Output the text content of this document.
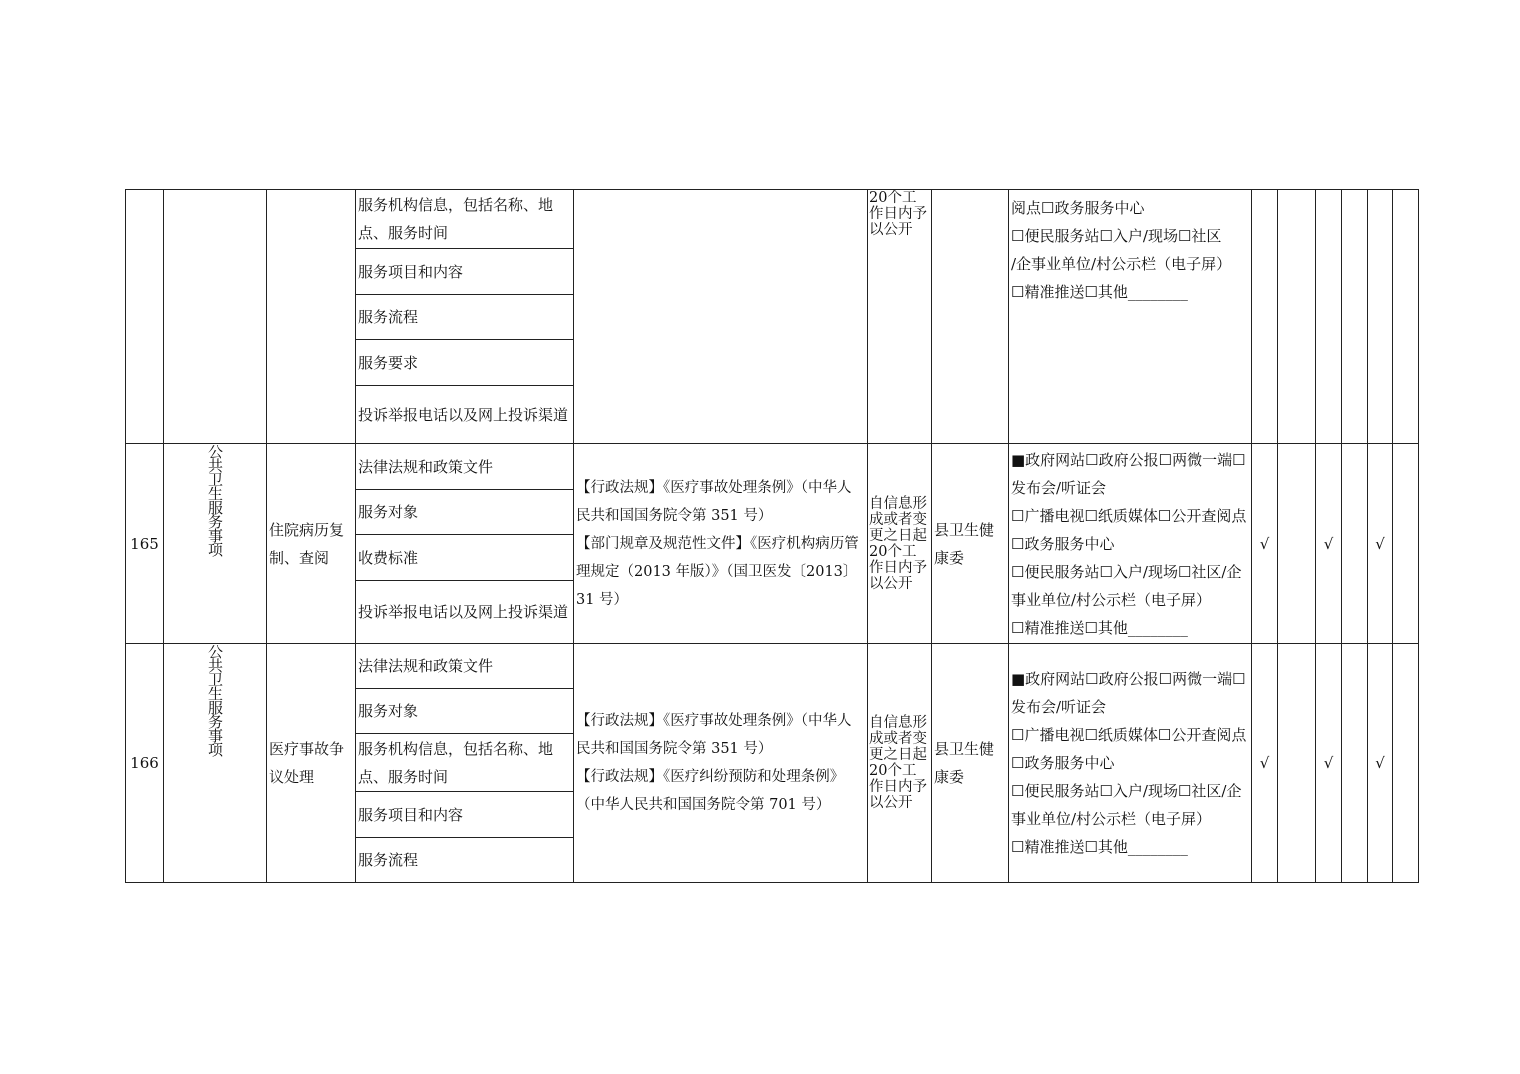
			服务机构信息，包括名称、地点、服务时间		20个工作日内予以公开		阅点☐政务服务中心
☐便民服务站☐入户/现场☐社区
/企事业单位/村公示栏（电子屏）
☐精准推送☐其他________						

			服务项目和内容										
			服务流程										
			服务要求										
			投诉举报电话以及网上投诉渠道										
165	公共卫生服务事项	住院病历复制、查阅	法律法规和政策文件	【行政法规】《医疗事故处理条例》（中华人民共和国国务院令第 351 号）
【部门规章及规范性文件】《医疗机构病历管理规定（2013 年版）》（国卫医发〔2013〕31 号）	自信息形成或者变更之日起20个工作日内予以公开	县卫生健康委	■政府网站☐政府公报☐两微一端☐发布会/听证会
☐广播电视☐纸质媒体☐公开查阅点☐政务服务中心
☐便民服务站☐入户/现场☐社区/企事业单位/村公示栏（电子屏）
☐精准推送☐其他________	√		√		√	
			服务对象										
			收费标准										
			投诉举报电话以及网上投诉渠道										
166	公共卫生服务事项	医疗事故争议处理	法律法规和政策文件	【行政法规】《医疗事故处理条例》（中华人民共和国国务院令第 351 号）
【行政法规】《医疗纠纷预防和处理条例》（中华人民共和国国务院令第 701 号）	自信息形成或者变更之日起20个工作日内予以公开	县卫生健康委	■政府网站☐政府公报☐两微一端☐发布会/听证会
☐广播电视☐纸质媒体☐公开查阅点☐政务服务中心
☐便民服务站☐入户/现场☐社区/企事业单位/村公示栏（电子屏）
☐精准推送☐其他________	√		√		√	
			服务对象										
			服务机构信息，包括名称、地点、服务时间										
			服务项目和内容										
			服务流程										
